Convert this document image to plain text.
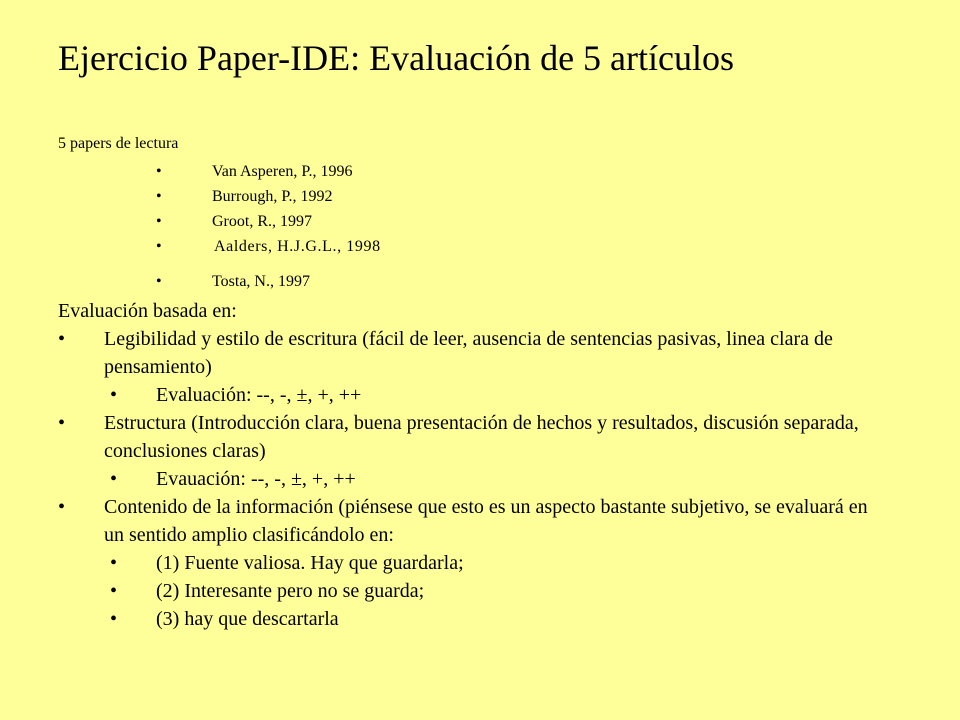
Ejercicio Paper-IDE: Evaluación de 5 artículos
5 papers de lectura
•	Van Asperen, P., 1996
•	Burrough, P., 1992
•	Groot, R., 1997
•	Aalders, H.J.G.L., 1998
•	Tosta, N., 1997
Evaluación basada en:
• Legibilidad y estilo de escritura (fácil de leer, ausencia de sentencias pasivas, linea clara de pensamiento)
• Evaluación: --, -, ±, +, ++
• Estructura (Introducción clara, buena presentación de hechos y resultados, discusión separada, conclusiones claras)
• Evauación: --, -, ±, +, ++
• Contenido de la información (piénsese que esto es un aspecto bastante subjetivo, se evaluará en un sentido amplio clasificándolo en:
• (1) Fuente valiosa. Hay que guardarla;
• (2) Interesante pero no se guarda;
• (3) hay que descartarla
